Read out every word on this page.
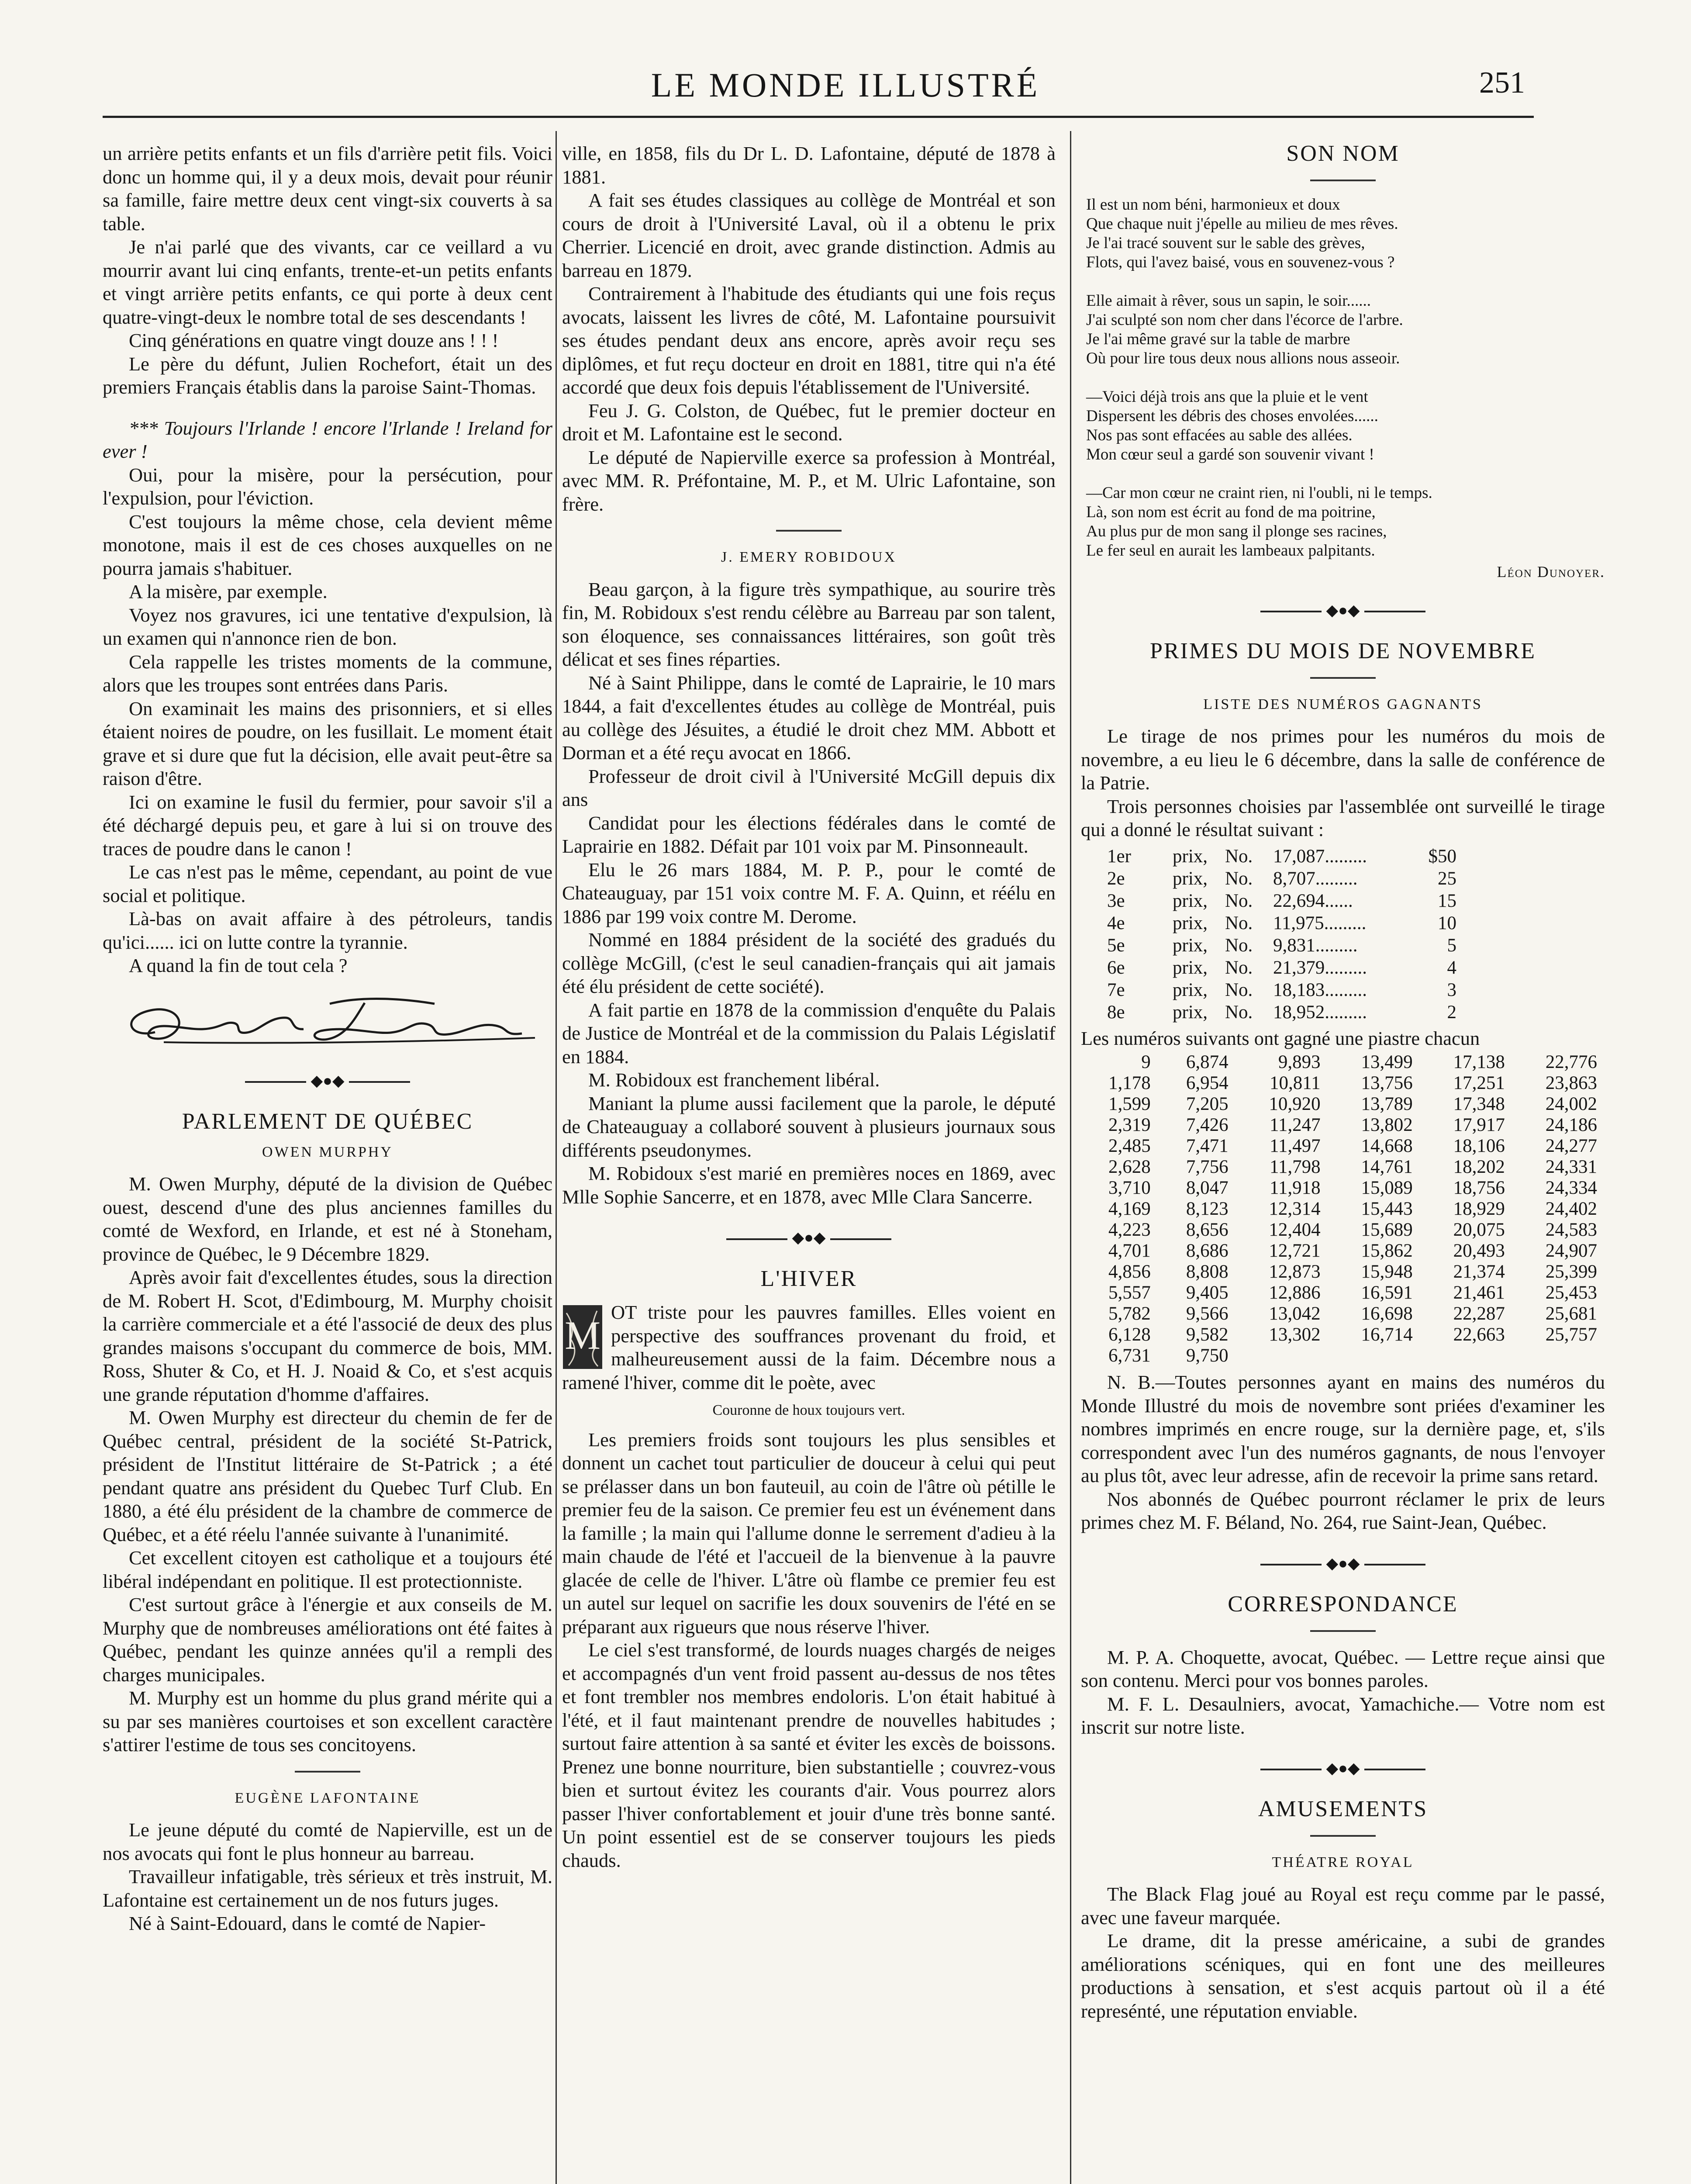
LE MONDE ILLUSTRÉ	251

un arrière petits enfants et un fils d'arrière petit fils. Voici donc un homme qui, il y a deux mois, devait pour réunir sa famille, faire mettre deux cent vingt-six couverts à sa table.

Je n'ai parlé que des vivants, car ce veillard a vu mourrir avant lui cinq enfants, trente-et-un petits enfants et vingt arrière petits enfants, ce qui porte à deux cent quatre-vingt-deux le nombre total de ses descendants !

Cinq générations en quatre vingt douze ans ! ! !

Le père du défunt, Julien Rochefort, était un des premiers Français établis dans la paroise Saint-Thomas.

*** Toujours l'Irlande ! encore l'Irlande ! Ireland for ever !

Oui, pour la misère, pour la persécution, pour l'expulsion, pour l'éviction.

C'est toujours la même chose, cela devient même monotone, mais il est de ces choses auxquelles on ne pourra jamais s'habituer.

A la misère, par exemple.

Voyez nos gravures, ici une tentative d'expulsion, là un examen qui n'annonce rien de bon.

Cela rappelle les tristes moments de la commune, alors que les troupes sont entrées dans Paris.

On examinait les mains des prisonniers, et si elles étaient noires de poudre, on les fusillait. Le moment était grave et si dure que fut la décision, elle avait peut-être sa raison d'être.

Ici on examine le fusil du fermier, pour savoir s'il a été déchargé depuis peu, et gare à lui si on trouve des traces de poudre dans le canon !

Le cas n'est pas le même, cependant, au point de vue social et politique.

Là-bas on avait affaire à des pétroleurs, tandis qu'ici...... ici on lutte contre la tyrannie.

A quand la fin de tout cela ?

◆●◆
PARLEMENT DE QUÉBEC
OWEN MURPHY

M. Owen Murphy, député de la division de Québec ouest, descend d'une des plus anciennes familles du comté de Wexford, en Irlande, et est né à Stoneham, province de Québec, le 9 Décembre 1829.

Après avoir fait d'excellentes études, sous la direction de M. Robert H. Scot, d'Edimbourg, M. Murphy choisit la carrière commerciale et a été l'associé de deux des plus grandes maisons s'occupant du commerce de bois, MM. Ross, Shuter & Co, et H. J. Noaid & Co, et s'est acquis une grande réputation d'homme d'affaires.

M. Owen Murphy est directeur du chemin de fer de Québec central, président de la société St-Patrick, président de l'Institut littéraire de St-Patrick ; a été pendant quatre ans président du Quebec Turf Club. En 1880, a été élu président de la chambre de commerce de Québec, et a été réelu l'année suivante à l'unanimité.

Cet excellent citoyen est catholique et a toujours été libéral indépendant en politique. Il est protectionniste.

C'est surtout grâce à l'énergie et aux conseils de M. Murphy que de nombreuses améliorations ont été faites à Québec, pendant les quinze années qu'il a rempli des charges municipales.

M. Murphy est un homme du plus grand mérite qui a su par ses manières courtoises et son excellent caractère s'attirer l'estime de tous ses concitoyens.

EUGÈNE LAFONTAINE

Le jeune député du comté de Napierville, est un de nos avocats qui font le plus honneur au barreau.

Travailleur infatigable, très sérieux et très instruit, M. Lafontaine est certainement un de nos futurs juges.

Né à Saint-Edouard, dans le comté de Napier-

ville, en 1858, fils du Dr L. D. Lafontaine, député de 1878 à 1881.

A fait ses études classiques au collège de Montréal et son cours de droit à l'Université Laval, où il a obtenu le prix Cherrier. Licencié en droit, avec grande distinction. Admis au barreau en 1879.

Contrairement à l'habitude des étudiants qui une fois reçus avocats, laissent les livres de côté, M. Lafontaine poursuivit ses études pendant deux ans encore, après avoir reçu ses diplômes, et fut reçu docteur en droit en 1881, titre qui n'a été accordé que deux fois depuis l'établissement de l'Université.

Feu J. G. Colston, de Québec, fut le premier docteur en droit et M. Lafontaine est le second.

Le député de Napierville exerce sa profession à Montréal, avec MM. R. Préfontaine, M. P., et M. Ulric Lafontaine, son frère.

J. EMERY ROBIDOUX

Beau garçon, à la figure très sympathique, au sourire très fin, M. Robidoux s'est rendu célèbre au Barreau par son talent, son éloquence, ses connaissances littéraires, son goût très délicat et ses fines réparties.

Né à Saint Philippe, dans le comté de Laprairie, le 10 mars 1844, a fait d'excellentes études au collège de Montréal, puis au collège des Jésuites, a étudié le droit chez MM. Abbott et Dorman et a été reçu avocat en 1866.

Professeur de droit civil à l'Université McGill depuis dix ans

Candidat pour les élections fédérales dans le comté de Laprairie en 1882. Défait par 101 voix par M. Pinsonneault.

Elu le 26 mars 1884, M. P. P., pour le comté de Chateauguay, par 151 voix contre M. F. A. Quinn, et réélu en 1886 par 199 voix contre M. Derome.

Nommé en 1884 président de la société des gradués du collège McGill, (c'est le seul canadien-français qui ait jamais été élu président de cette société).

A fait partie en 1878 de la commission d'enquête du Palais de Justice de Montréal et de la commission du Palais Législatif en 1884.

M. Robidoux est franchement libéral.

Maniant la plume aussi facilement que la parole, le député de Chateauguay a collaboré souvent à plusieurs journaux sous différents pseudonymes.

M. Robidoux s'est marié en premières noces en 1869, avec Mlle Sophie Sancerre, et en 1878, avec Mlle Clara Sancerre.

◆●◆
L'HIVER
M

OT triste pour les pauvres familles. Elles voient en perspective des souffrances provenant du froid, et malheureusement aussi de la faim. Décembre nous a ramené l'hiver, comme dit le poète, avec

Couronne de houx toujours vert.

Les premiers froids sont toujours les plus sensibles et donnent un cachet tout particulier de douceur à celui qui peut se prélasser dans un bon fauteuil, au coin de l'âtre où pétille le premier feu de la saison. Ce premier feu est un événement dans la famille ; la main qui l'allume donne le serrement d'adieu à la main chaude de l'été et l'accueil de la bienvenue à la pauvre glacée de celle de l'hiver. L'âtre où flambe ce premier feu est un autel sur lequel on sacrifie les doux souvenirs de l'été en se préparant aux rigueurs que nous réserve l'hiver.

Le ciel s'est transformé, de lourds nuages chargés de neiges et accompagnés d'un vent froid passent au-dessus de nos têtes et font trembler nos membres endoloris. L'on était habitué à l'été, et il faut maintenant prendre de nouvelles habitudes ; surtout faire attention à sa santé et éviter les excès de boissons. Prenez une bonne nourriture, bien substantielle ; couvrez-vous bien et surtout évitez les courants d'air. Vous pourrez alors passer l'hiver confortablement et jouir d'une très bonne santé. Un point essentiel est de se conserver toujours les pieds chauds.

SON NOM
Il est un nom béni, harmonieux et doux
Que chaque nuit j'épelle au milieu de mes rêves.
Je l'ai tracé souvent sur le sable des grèves,
Flots, qui l'avez baisé, vous en souvenez-vous ?
Elle aimait à rêver, sous un sapin, le soir......
J'ai sculpté son nom cher dans l'écorce de l'arbre.
Je l'ai même gravé sur la table de marbre
Où pour lire tous deux nous allions nous asseoir.
—Voici déjà trois ans que la pluie et le vent
Dispersent les débris des choses envolées......
Nos pas sont effacées au sable des allées.
Mon cœur seul a gardé son souvenir vivant !
—Car mon cœur ne craint rien, ni l'oubli, ni le temps.
Là, son nom est écrit au fond de ma poitrine,
Au plus pur de mon sang il plonge ses racines,
Le fer seul en aurait les lambeaux palpitants.
Léon Dunoyer.
◆●◆
PRIMES DU MOIS DE NOVEMBRE
LISTE DES NUMÉROS GAGNANTS

Le tirage de nos primes pour les numéros du mois de novembre, a eu lieu le 6 décembre, dans la salle de conférence de la Patrie.

Trois personnes choisies par l'assemblée ont surveillé le tirage qui a donné le résultat suivant :

1er	prix, No.	17,087.........	$50
2e	prix, No.	8,707.........	25
3e	prix, No.	22,694......	15
4e	prix, No.	11,975.........	10
5e	prix, No.	9,831.........	5
6e	prix, No.	21,379.........	4
7e	prix, No.	18,183.........	3
8e	prix, No.	18,952.........	2

Les numéros suivants ont gagné une piastre chacun

9	6,874	9,893	13,499	17,138	22,776
1,178	6,954	10,811	13,756	17,251	23,863
1,599	7,205	10,920	13,789	17,348	24,002
2,319	7,426	11,247	13,802	17,917	24,186
2,485	7,471	11,497	14,668	18,106	24,277
2,628	7,756	11,798	14,761	18,202	24,331
3,710	8,047	11,918	15,089	18,756	24,334
4,169	8,123	12,314	15,443	18,929	24,402
4,223	8,656	12,404	15,689	20,075	24,583
4,701	8,686	12,721	15,862	20,493	24,907
4,856	8,808	12,873	15,948	21,374	25,399
5,557	9,405	12,886	16,591	21,461	25,453
5,782	9,566	13,042	16,698	22,287	25,681
6,128	9,582	13,302	16,714	22,663	25,757
6,731	9,750				

N. B.—Toutes personnes ayant en mains des numéros du Monde Illustré du mois de novembre sont priées d'examiner les nombres imprimés en encre rouge, sur la dernière page, et, s'ils correspondent avec l'un des numéros gagnants, de nous l'envoyer au plus tôt, avec leur adresse, afin de recevoir la prime sans retard.

Nos abonnés de Québec pourront réclamer le prix de leurs primes chez M. F. Béland, No. 264, rue Saint-Jean, Québec.

◆●◆
CORRESPONDANCE

M. P. A. Choquette, avocat, Québec. — Lettre reçue ainsi que son contenu. Merci pour vos bonnes paroles.

M. F. L. Desaulniers, avocat, Yamachiche.— Votre nom est inscrit sur notre liste.

◆●◆
AMUSEMENTS
THÉATRE ROYAL

The Black Flag joué au Royal est reçu comme par le passé, avec une faveur marquée.

Le drame, dit la presse américaine, a subi de grandes améliorations scéniques, qui en font une des meilleures productions à sensation, et s'est acquis partout où il a été represénté, une réputation enviable.
